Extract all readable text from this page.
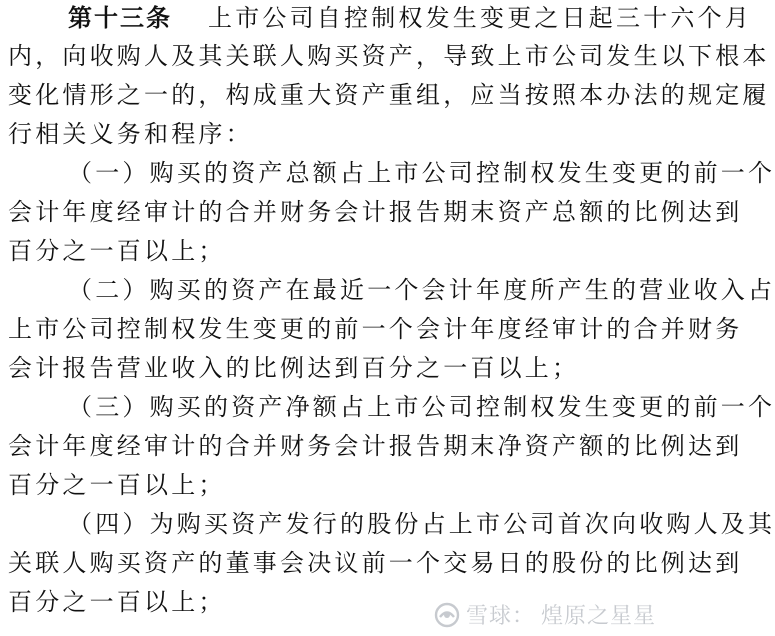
第十三条 上市公司自控制权发生变更之日起三十六个月
内，向收购人及其关联人购买资产，导致上市公司发生以下根本
变化情形之一的，构成重大资产重组，应当按照本办法的规定履
行相关义务和程序：
（一）购买的资产总额占上市公司控制权发生变更的前一个
会计年度经审计的合并财务会计报告期末资产总额的比例达到
百分之一百以上；
（二）购买的资产在最近一个会计年度所产生的营业收入占
上市公司控制权发生变更的前一个会计年度经审计的合并财务
会计报告营业收入的比例达到百分之一百以上；
（三）购买的资产净额占上市公司控制权发生变更的前一个
会计年度经审计的合并财务会计报告期末净资产额的比例达到
百分之一百以上；
（四）为购买资产发行的股份占上市公司首次向收购人及其
关联人购买资产的董事会决议前一个交易日的股份的比例达到
百分之一百以上；
雪球： 煌原之星星
